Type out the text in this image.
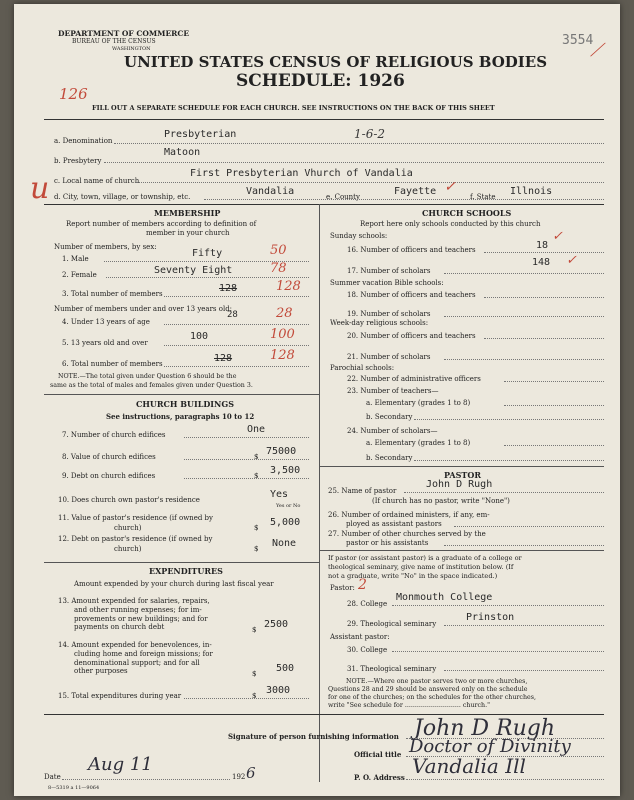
DEPARTMENT OF COMMERCE
BUREAU OF THE CENSUS
WASHINGTON
3554
⟋
UNITED STATES CENSUS OF RELIGIOUS BODIES
SCHEDULE: 1926
126
FILL OUT A SEPARATE SCHEDULE FOR EACH CHURCH. SEE INSTRUCTIONS ON THE BACK OF THIS SHEET
a. Denomination
Presbyterian	1-6-2
b. Presbytery
Matoon
c. Local name of church
First Presbyterian Vhurch of Vandalia
d. City, town, village, or township, etc.	Vandalia	e. County	Fayette ✓
f. State Illnois
u
MEMBERSHIP
Report number of members according to definition of
member in your church
Number of members, by sex:
1. Male	Fifty	50
2. Female	Seventy Eight	78
3. Total number of members	128	128
Number of members under and over 13 years old:
4. Under 13 years of age
28	28
5. 13 years old and over
100	100
6. Total number of members	128	128
NOTE.—The total given under Question 6 should be the
same as the total of males and females given under Question 3.
CHURCH BUILDINGS
See instructions, paragraphs 10 to 12
7. Number of church edifices	One
8. Value of church edifices	$ 75000
9. Debt on church edifices	$ 3,500
10. Does church own pastor's residence	Yes
Yes or No
11. Value of pastor's residence (if owned by
church)	$ 5,000
12. Debt on pastor's residence (if owned by
church)	$ None
EXPENDITURES
Amount expended by your church during last fiscal year
13. Amount expended for salaries, repairs,
and other running expenses; for im-
provements or new buildings; and for
payments on church debt	$ 2500
14. Amount expended for benevolences, in-
cluding home and foreign missions; for
denominational support; and for all
other purposes	$ 500
15. Total expenditures during year	$ 3000
CHURCH SCHOOLS
Report here only schools conducted by this church
Sunday schools:
16. Number of officers and teachers	18
✓
17. Number of scholars
148 ✓
Summer vacation Bible schools:
18. Number of officers and teachers
19. Number of scholars
Week-day religious schools:
20. Number of officers and teachers
21. Number of scholars
Parochial schools:
22. Number of administrative officers
23. Number of teachers—
a. Elementary (grades 1 to 8)
b. Secondary
24. Number of scholars—
a. Elementary (grades 1 to 8)
b. Secondary
PASTOR
25. Name of pastor
John D Rugh
(If church has no pastor, write "None")
26. Number of ordained ministers, if any, em-
ployed as assistant pastors
27. Number of other churches served by the
pastor or his assistants
If pastor (or assistant pastor) is a graduate of a college or
theological seminary, give name of institution below. (If
not a graduate, write "No" in the space indicated.)
Pastor: 2
28. College
Monmouth College
29. Theological seminary
Prinston
Assistant pastor:
30. College
31. Theological seminary
NOTE.—Where one pastor serves two or more churches,
Questions 28 and 29 should be answered only on the schedule
for one of the churches; on the schedules for the other churches,
write "See schedule for ............................ church."
Signature of person furnishing information John D Rugh
Official title Doctor of Divinity
Date
Aug 11
192 6
8—5319 a 11—9064
P. O. Address Vandalia Ill
